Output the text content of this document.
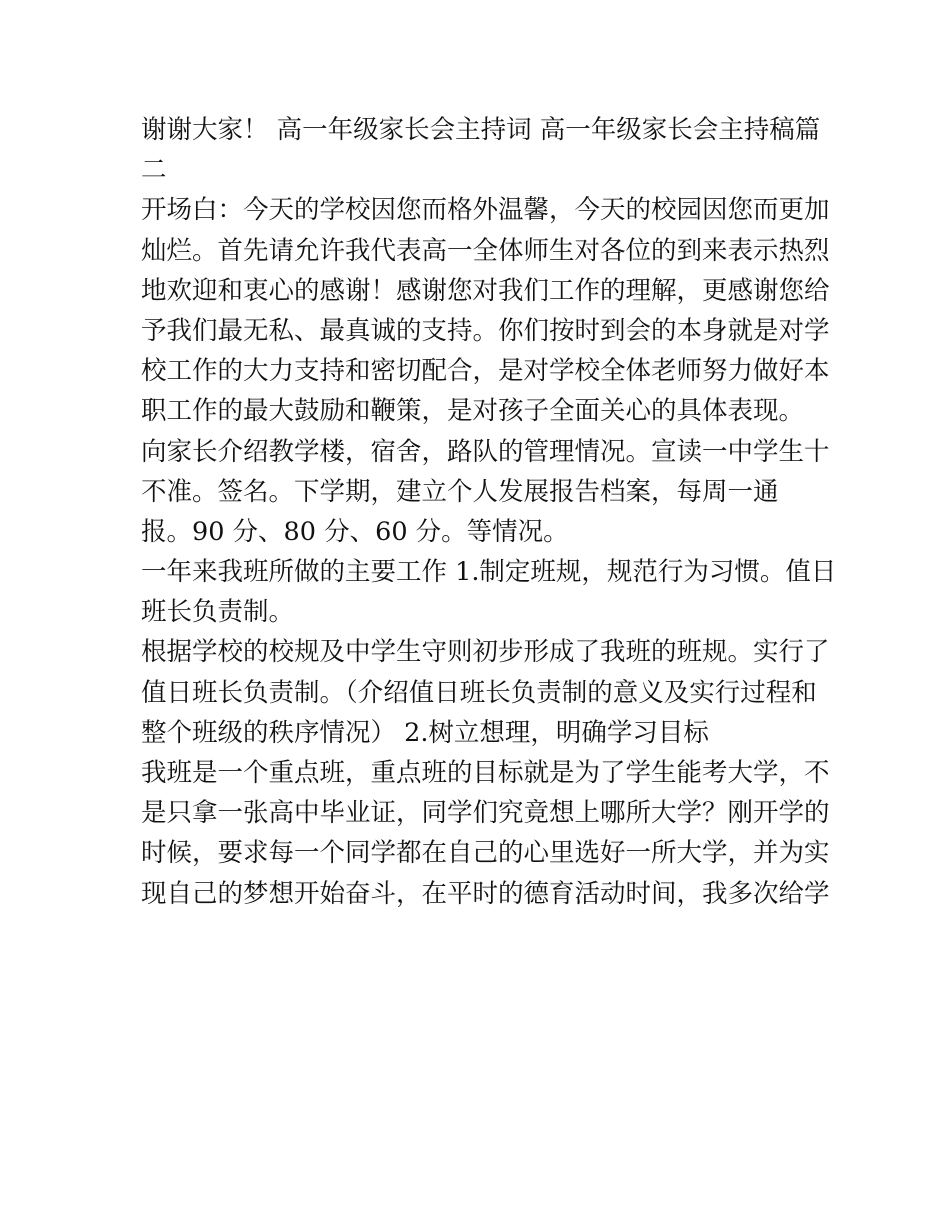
谢谢大家！ 高一年级家长会主持词 高一年级家长会主持稿篇
二
开场白：今天的学校因您而格外温馨，今天的校园因您而更加
灿烂。首先请允许我代表高一全体师生对各位的到来表示热烈
地欢迎和衷心的感谢！感谢您对我们工作的理解，更感谢您给
予我们最无私、最真诚的支持。你们按时到会的本身就是对学
校工作的大力支持和密切配合，是对学校全体老师努力做好本
职工作的最大鼓励和鞭策，是对孩子全面关心的具体表现。
向家长介绍教学楼，宿舍，路队的管理情况。宣读一中学生十
不准。签名。下学期，建立个人发展报告档案，每周一通
报。90 分、80 分、60 分。等情况。
一年来我班所做的主要工作 1.制定班规，规范行为习惯。值日
班长负责制。
根据学校的校规及中学生守则初步形成了我班的班规。实行了
值日班长负责制。（介绍值日班长负责制的意义及实行过程和
整个班级的秩序情况） 2.树立想理，明确学习目标
我班是一个重点班，重点班的目标就是为了学生能考大学，不
是只拿一张高中毕业证，同学们究竟想上哪所大学？刚开学的
时候，要求每一个同学都在自己的心里选好一所大学，并为实
现自己的梦想开始奋斗，在平时的德育活动时间，我多次给学
